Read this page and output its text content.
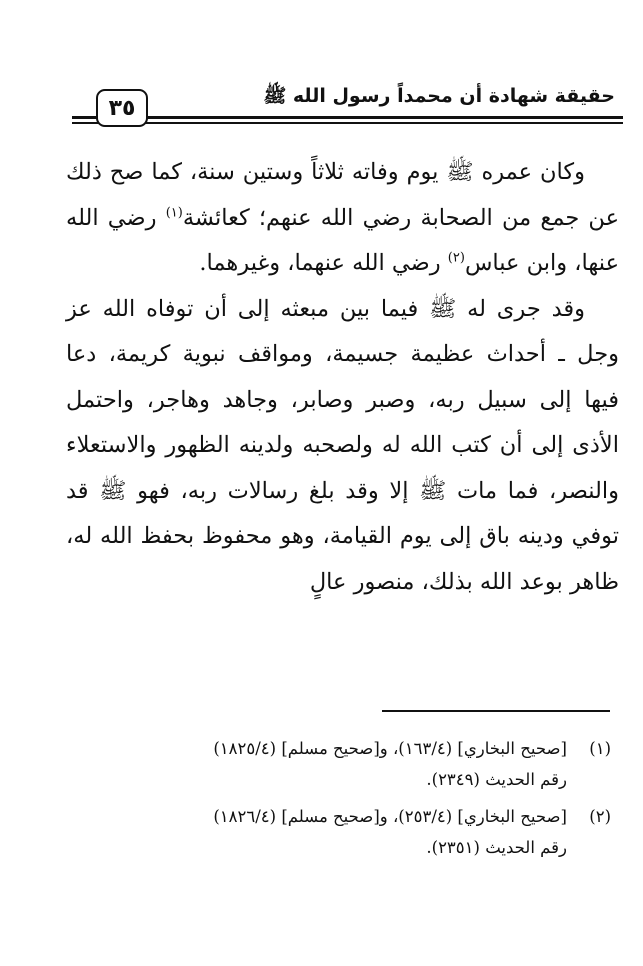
حقيقة شهادة أن محمداً رسول الله ﷺ
٣٥

وكان عمره ﷺ يوم وفاته ثلاثاً وستين سنة، كما صح ذلك عن جمع من الصحابة رضي الله عنهم؛ كعائشة$^{(١)}$ رضي الله عنها، وابن عباس$^{(٢)}$ رضي الله عنهما، وغيرهما.

وقد جرى له ﷺ فيما بين مبعثه إلى أن توفاه الله عز وجل ـ أحداث عظيمة جسيمة، ومواقف نبوية كريمة، دعا فيها إلى سبيل ربه، وصبر وصابر، وجاهد وهاجر، واحتمل الأذى إلى أن كتب الله له ولصحبه ولدينه الظهور والاستعلاء والنصر، فما مات ﷺ إلا وقد بلغ رسالات ربه، فهو ﷺ قد توفي ودينه باق إلى يوم القيامة، وهو محفوظ بحفظ الله له، ظاهر بوعد الله بذلك، منصور عالٍ

(١)
[صحيح البخاري] (١٦٣/٤)، و[صحيح مسلم] (١٨٢٥/٤)
رقم الحديث (٢٣٤٩).
(٢)
[صحيح البخاري] (٢٥٣/٤)، و[صحيح مسلم] (١٨٢٦/٤)
رقم الحديث (٢٣٥١).
